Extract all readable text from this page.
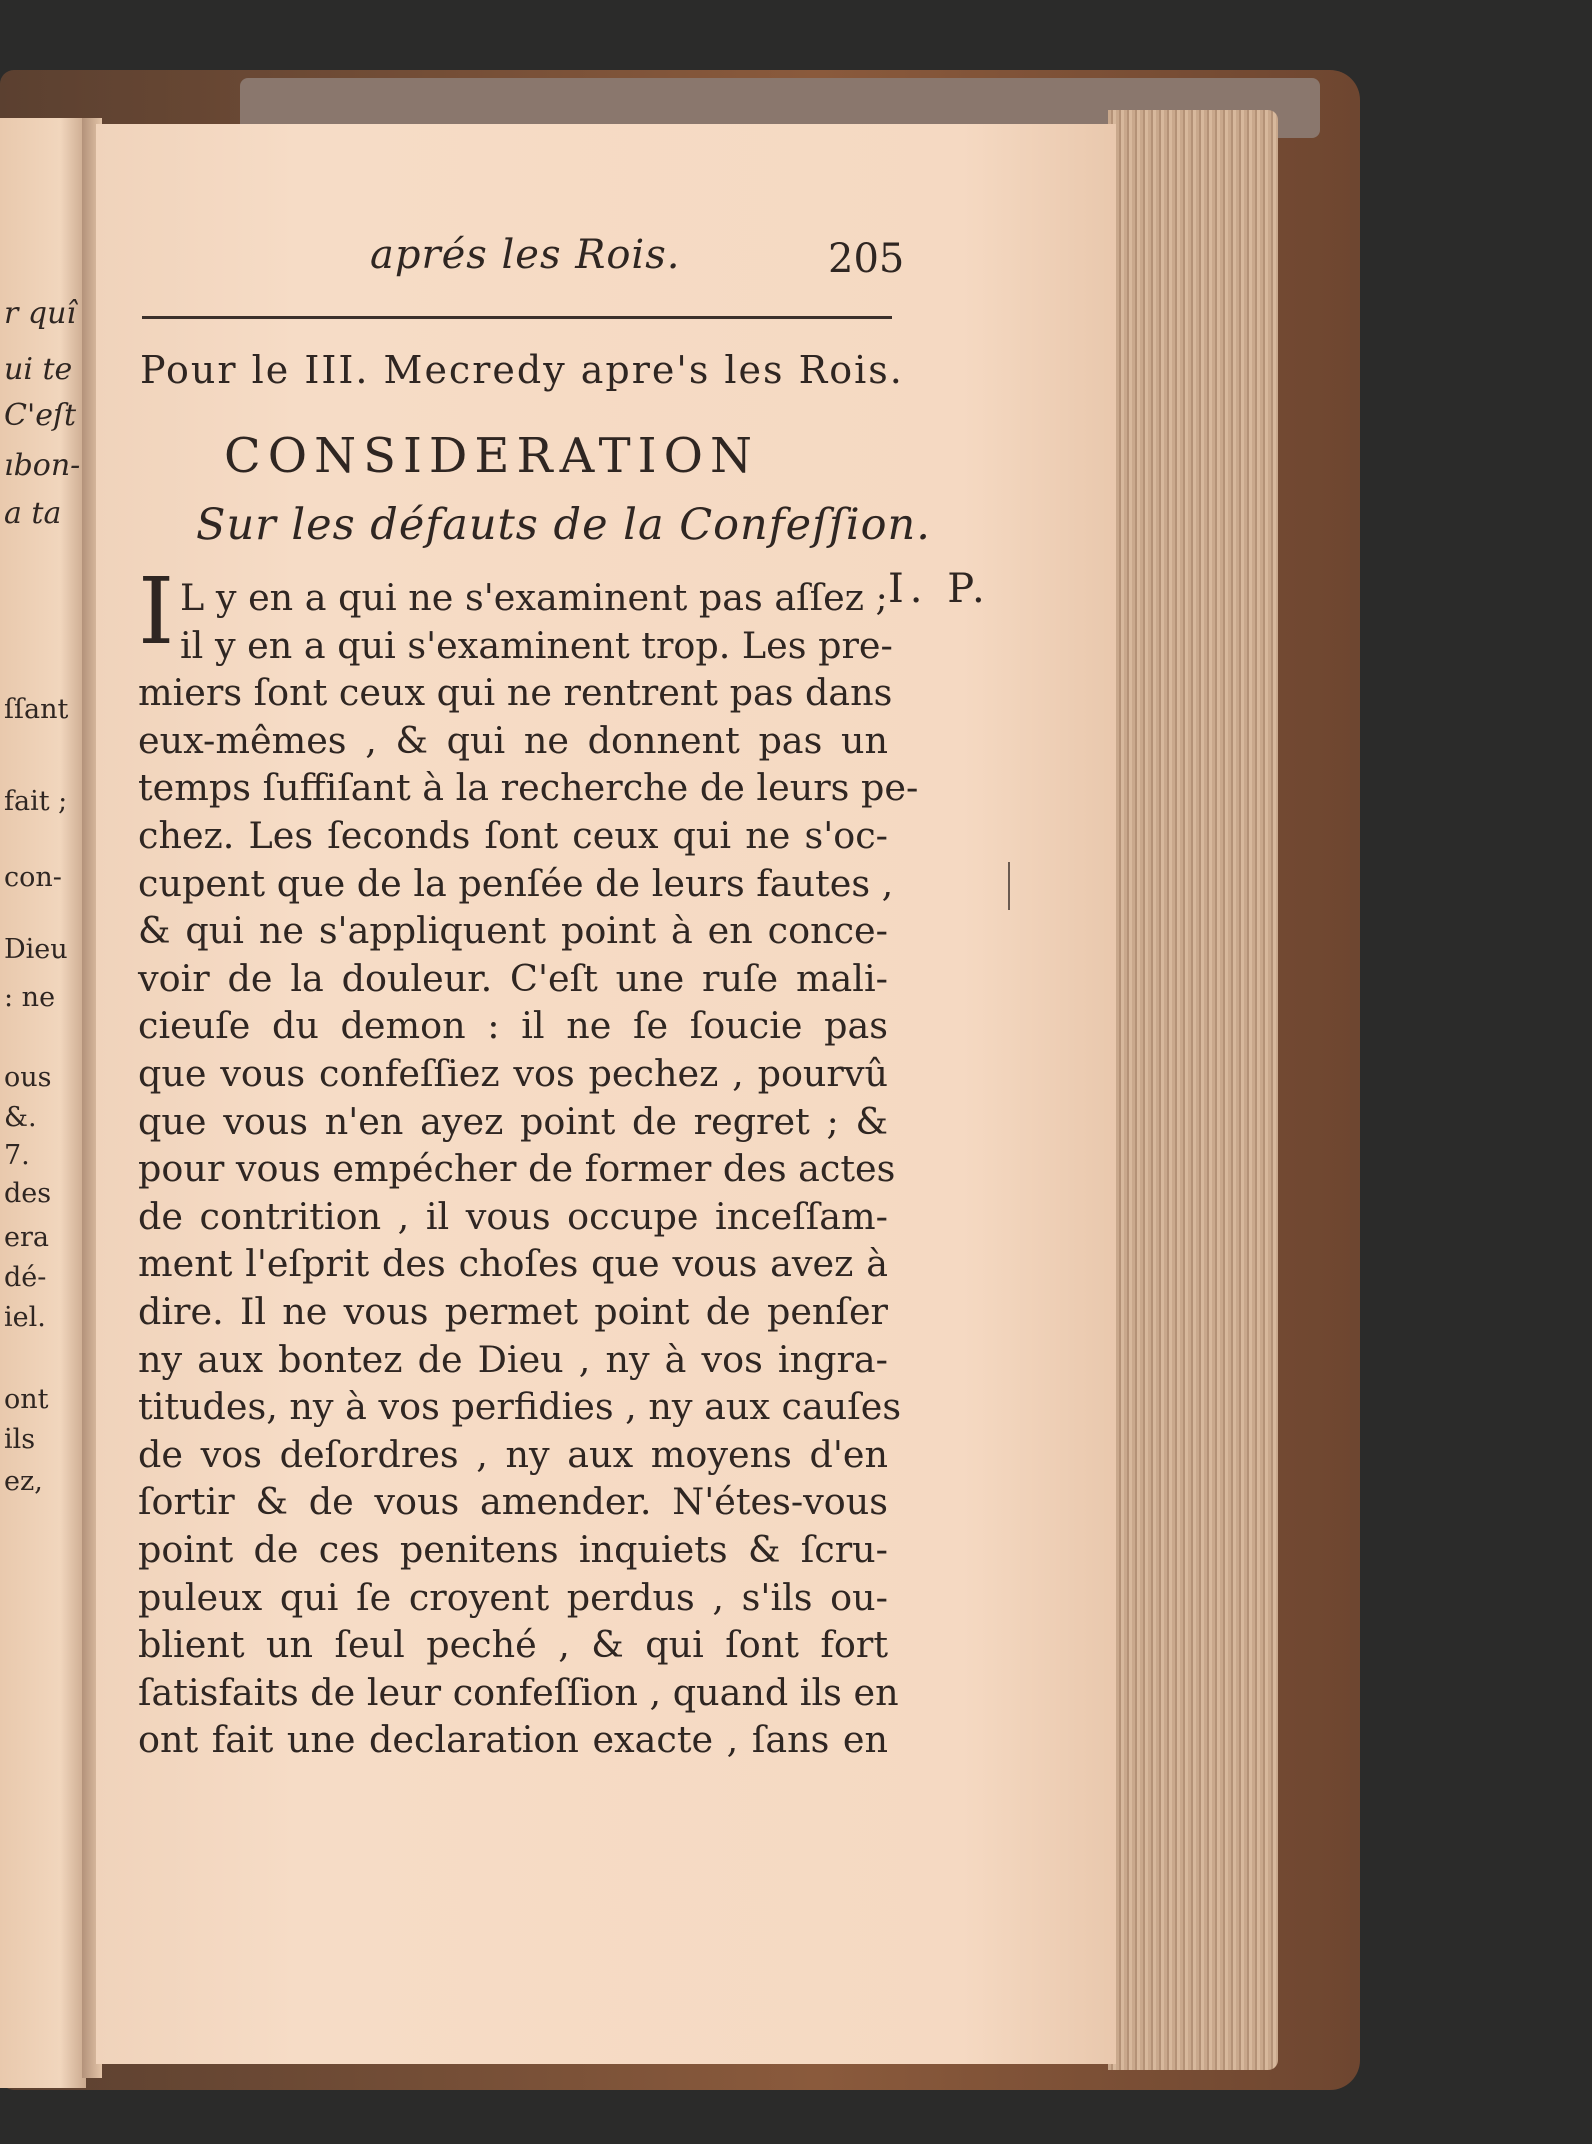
r quî
ui te
C'eſt
ıbon-
a ta
ſſant
fait ;
con-
Dieu
: ne
ous
&.
7.
des
era
dé-
iel.
ont
ils
ez,
aprés les Rois.	205
Pour le III. Mecredy apre's les Rois.
CONSIDERATION
Sur les défauts de la Confeſſion.
I	I. P.
L y en a qui ne s'examinent pas aſſez ;
il y en a qui s'examinent trop. Les pre-
miers ſont ceux qui ne rentrent pas dans
eux-mêmes , & qui ne donnent pas un
temps ſuffiſant à la recherche de leurs pe-
chez. Les ſeconds ſont ceux qui ne s'oc-
cupent que de la penſée de leurs fautes ,
& qui ne s'appliquent point à en conce-
voir de la douleur. C'eſt une ruſe mali-
cieuſe du demon : il ne ſe ſoucie pas
que vous confeſſiez vos pechez , pourvû
que vous n'en ayez point de regret ; &
pour vous empécher de former des actes
de contrition , il vous occupe inceſſam-
ment l'eſprit des choſes que vous avez à
dire. Il ne vous permet point de penſer
ny aux bontez de Dieu , ny à vos ingra-
titudes, ny à vos perfidies , ny aux cauſes
de vos deſordres , ny aux moyens d'en
ſortir & de vous amender. N'étes-vous
point de ces penitens inquiets & ſcru-
puleux qui ſe croyent perdus , s'ils ou-
blient un ſeul peché , & qui ſont fort
ſatisfaits de leur confeſſion , quand ils en
ont fait une declaration exacte , ſans en
